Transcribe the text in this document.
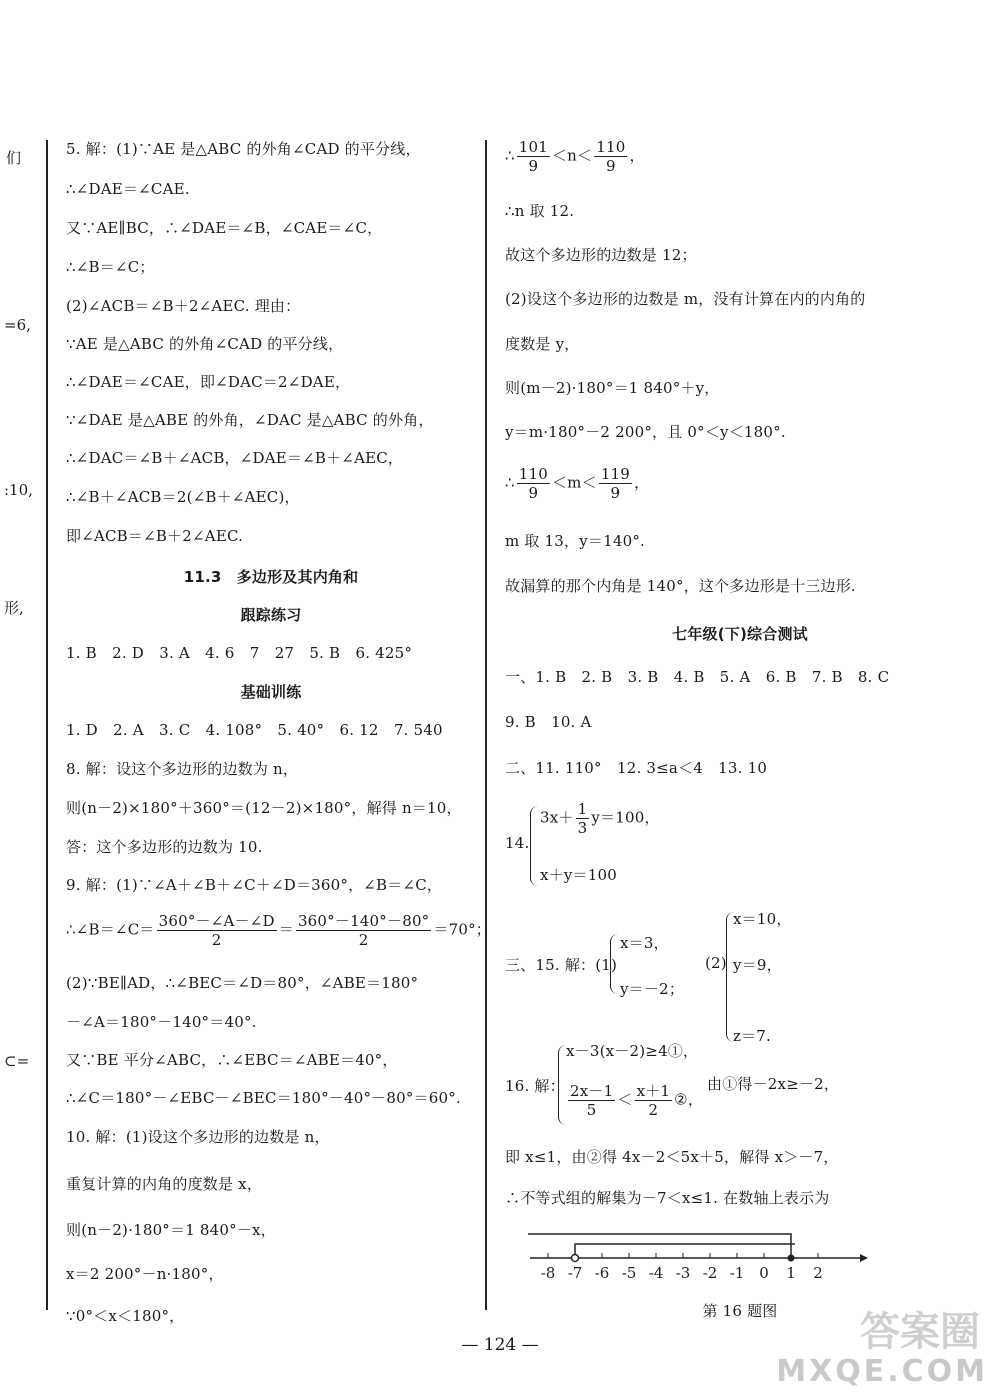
们
=6,
:10,
形,
⊂=
5. 解：(1)∵AE 是△ABC 的外角∠CAD 的平分线，
∴∠DAE＝∠CAE.
又∵AE∥BC，∴∠DAE＝∠B，∠CAE＝∠C，
∴∠B＝∠C；
(2)∠ACB＝∠B＋2∠AEC. 理由：
∵AE 是△ABC 的外角∠CAD 的平分线，
∴∠DAE＝∠CAE，即∠DAC＝2∠DAE，
∵∠DAE 是△ABE 的外角，∠DAC 是△ABC 的外角，
∴∠DAC＝∠B＋∠ACB，∠DAE＝∠B＋∠AEC，
∴∠B＋∠ACB＝2(∠B＋∠AEC)，
即∠ACB＝∠B＋2∠AEC.
11.3　多边形及其内角和
跟踪练习
1. B　2. D　3. A　4. 6　7　27　5. B　6. 425°
基础训练
1. D　2. A　3. C　4. 108°　5. 40°　6. 12　7. 540
8. 解：设这个多边形的边数为 n，
则(n－2)×180°＋360°＝(12－2)×180°，解得 n＝10，
答：这个多边形的边数为 10.
9. 解：(1)∵∠A＋∠B＋∠C＋∠D＝360°，∠B＝∠C，
∴∠B＝∠C＝ $\frac{360^\circ-\angle A-\angle D}{2} = \frac{360^\circ-140^\circ-80^\circ}{2} =70^\circ$；
(2)∵BE∥AD，∴∠BEC＝∠D＝80°，∠ABE＝180°
－∠A＝180°－140°＝40°.
又∵BE 平分∠ABC，∴∠EBC＝∠ABE＝40°，
∴∠C＝180°－∠EBC－∠BEC＝180°－40°－80°＝60°.
10. 解：(1)设这个多边形的边数是 n，
重复计算的内角的度数是 x，
则(n－2)·180°＝1 840°－x，
x＝2 200°－n·180°，
∵0°＜x＜180°，
∴ $\frac{101}{9} <n< \frac{110}{9}$ ，
∴n 取 12.
故这个多边形的边数是 12；
(2)设这个多边形的边数是 m，没有计算在内的内角的
度数是 y，
则(m－2)·180°＝1 840°＋y，
y＝m·180°－2 200°，且 0°＜y＜180°.
∴ $\frac{110}{9} <m< \frac{119}{9}$ ，
m 取 13，y＝140°.
故漏算的那个内角是 140°，这个多边形是十三边形.
七年级(下)综合测试
一、1. B　2. B　3. B　4. B　5. A　6. B　7. B　8. C
9. B　10. A
二、11. 110°　12. 3≤a＜4　13. 10
14.
$3x+ \frac{1}{3} y=100$，
x＋y＝100
三、15. 解：(1)
x＝3，
y＝－2；
(2)
x＝10，
y＝9，
z＝7.
16. 解：
x－3(x－2)≥4①，
$\frac{2x-1}{5} < \frac{x+1}{2}$ ②，
由①得－2x≥－2，
即 x≤1，由②得 4x－2＜5x＋5，解得 x＞－7，
∴不等式组的解集为－7＜x≤1. 在数轴上表示为
-8 -7 -6 -5 -4 -3 -2 -1 0 1 2
第 16 题图
— 124 —	答案圈
MXQE.COM
